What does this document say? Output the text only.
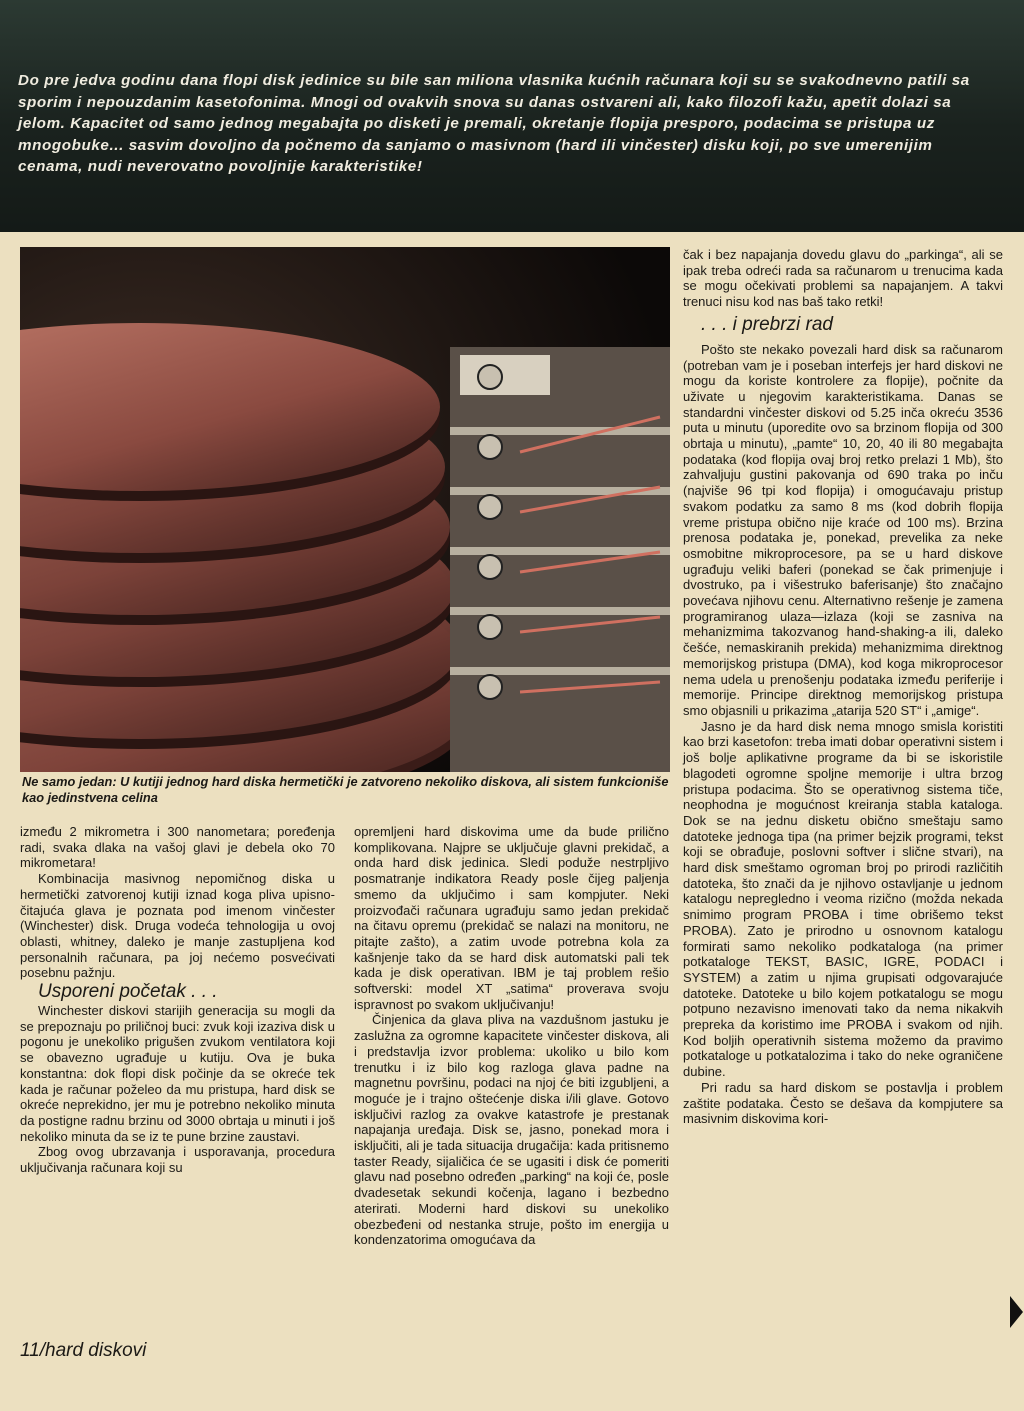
Do pre jedva godinu dana flopi disk jedinice su bile san miliona vlasnika kućnih računara koji su se svakodnevno patili sa sporim i nepouzdanim kasetofonima. Mnogi od ovakvih snova su danas ostvareni ali, kako filozofi kažu, apetit dolazi sa jelom. Kapacitet od samo jednog megabajta po disketi je premali, okretanje flopija presporo, podacima se pristupa uz mnogobuke... sasvim dovoljno da počnemo da sanjamo o masivnom (hard ili vinčester) disku koji, po sve umerenijim cenama, nudi neverovatno povoljnije karakteristike!

Ne samo jedan: U kutiji jednog hard diska hermetički je zatvoreno nekoliko diskova, ali sistem funkcioniše kao jedinstvena celina

između 2 mikrometra i 300 nanometara; poređenja radi, svaka dlaka na vašoj glavi je debela oko 70 mikrometara!

Kombinacija masivnog nepomičnog diska u hermetički zatvorenoj kutiji iznad koga pliva upisno-čitajuća glava je poznata pod imenom vinčester (Winchester) disk. Druga vodeća tehnologija u ovoj oblasti, whitney, daleko je manje zastupljena kod personalnih računara, pa joj nećemo posvećivati posebnu pažnju.

Usporeni početak . . .

Winchester diskovi starijih generacija su mogli da se prepoznaju po priličnoj buci: zvuk koji izaziva disk u pogonu je unekoliko prigušen zvukom ventilatora koji se obavezno ugrađuje u kutiju. Ova je buka konstantna: dok flopi disk počinje da se okreće tek kada je računar poželeo da mu pristupa, hard disk se okreće neprekidno, jer mu je potrebno nekoliko minuta da postigne radnu brzinu od 3000 obrtaja u minuti i još nekoliko minuta da se iz te pune brzine zaustavi.

Zbog ovog ubrzavanja i usporavanja, procedura uključivanja računara koji su

opremljeni hard diskovima ume da bude prilično komplikovana. Najpre se uključuje glavni prekidač, a onda hard disk jedinica. Sledi poduže nestrpljivo posmatranje indikatora Ready posle čijeg paljenja smemo da uključimo i sam kompjuter. Neki proizvođači računara ugrađuju samo jedan prekidač na čitavu opremu (prekidač se nalazi na monitoru, ne pitajte zašto), a zatim uvode potrebna kola za kašnjenje tako da se hard disk automatski pali tek kada je disk operativan. IBM je taj problem rešio softverski: model XT „satima“ proverava svoju ispravnost po svakom uključivanju!

Činjenica da glava pliva na vazdušnom jastuku je zaslužna za ogromne kapacitete vinčester diskova, ali i predstavlja izvor problema: ukoliko u bilo kom trenutku i iz bilo kog razloga glava padne na magnetnu površinu, podaci na njoj će biti izgubljeni, a moguće je i trajno oštećenje diska i/ili glave. Gotovo isključivi razlog za ovakve katastrofe je prestanak napajanja uređaja. Disk se, jasno, ponekad mora i isključiti, ali je tada situacija drugačija: kada pritisnemo taster Ready, sijaličica će se ugasiti i disk će pomeriti glavu nad posebno određen „parking“ na koji će, posle dvadesetak sekundi kočenja, lagano i bezbedno aterirati. Moderni hard diskovi su unekoliko obezbeđeni od nestanka struje, pošto im energija u kondenzatorima omogućava da

čak i bez napajanja dovedu glavu do „parkinga“, ali se ipak treba odreći rada sa računarom u trenucima kada se mogu očekivati problemi sa napajanjem. A takvi trenuci nisu kod nas baš tako retki!

. . . i prebrzi rad

Pošto ste nekako povezali hard disk sa računarom (potreban vam je i poseban interfejs jer hard diskovi ne mogu da koriste kontrolere za flopije), počnite da uživate u njegovim karakteristikama. Danas se standardni vinčester diskovi od 5.25 inča okreću 3536 puta u minutu (uporedite ovo sa brzinom flopija od 300 obrtaja u minutu), „pamte“ 10, 20, 40 ili 80 megabajta podataka (kod flopija ovaj broj retko prelazi 1 Mb), što zahvaljuju gustini pakovanja od 690 traka po inču (najviše 96 tpi kod flopija) i omogućavaju pristup svakom podatku za samo 8 ms (kod dobrih flopija vreme pristupa obično nije kraće od 100 ms). Brzina prenosa podataka je, ponekad, prevelika za neke osmobitne mikroprocesore, pa se u hard diskove ugrađuju veliki baferi (ponekad se čak primenjuje i dvostruko, pa i višestruko baferisanje) što značajno povećava njihovu cenu. Alternativno rešenje je zamena programiranog ulaza—izlaza (koji se zasniva na mehanizmima takozvanog hand-shaking-a ili, daleko češće, nemaskiranih prekida) mehanizmima direktnog memorijskog pristupa (DMA), kod koga mikroprocesor nema udela u prenošenju podataka između periferije i memorije. Principe direktnog memorijskog pristupa smo objasnili u prikazima „atarija 520 ST“ i „amige“.

Jasno je da hard disk nema mnogo smisla koristiti kao brzi kasetofon: treba imati dobar operativni sistem i još bolje aplikativne programe da bi se iskoristile blagodeti ogromne spoljne memorije i ultra brzog pristupa podacima. Što se operativnog sistema tiče, neophodna je mogućnost kreiranja stabla kataloga. Dok se na jednu disketu obično smeštaju samo datoteke jednoga tipa (na primer bejzik programi, tekst koji se obrađuje, poslovni softver i slične stvari), na hard disk smeštamo ogroman broj po prirodi različitih datoteka, što znači da je njihovo ostavljanje u jednom katalogu nepregledno i veoma rizično (možda nekada snimimo program PROBA i time obrišemo tekst PROBA). Zato je prirodno u osnovnom katalogu formirati samo nekoliko podkataloga (na primer potkataloge TEKST, BASIC, IGRE, PODACI i SYSTEM) a zatim u njima grupisati odgovarajuće datoteke. Datoteke u bilo kojem potkatalogu se mogu potpuno nezavisno imenovati tako da nema nikakvih prepreka da koristimo ime PROBA i svakom od njih. Kod boljih operativnih sistema možemo da pravimo potkataloge u potkatalozima i tako do neke ograničene dubine.

Pri radu sa hard diskom se postavlja i problem zaštite podataka. Često se dešava da kompjutere sa masivnim diskovima kori-

11/hard diskovi
